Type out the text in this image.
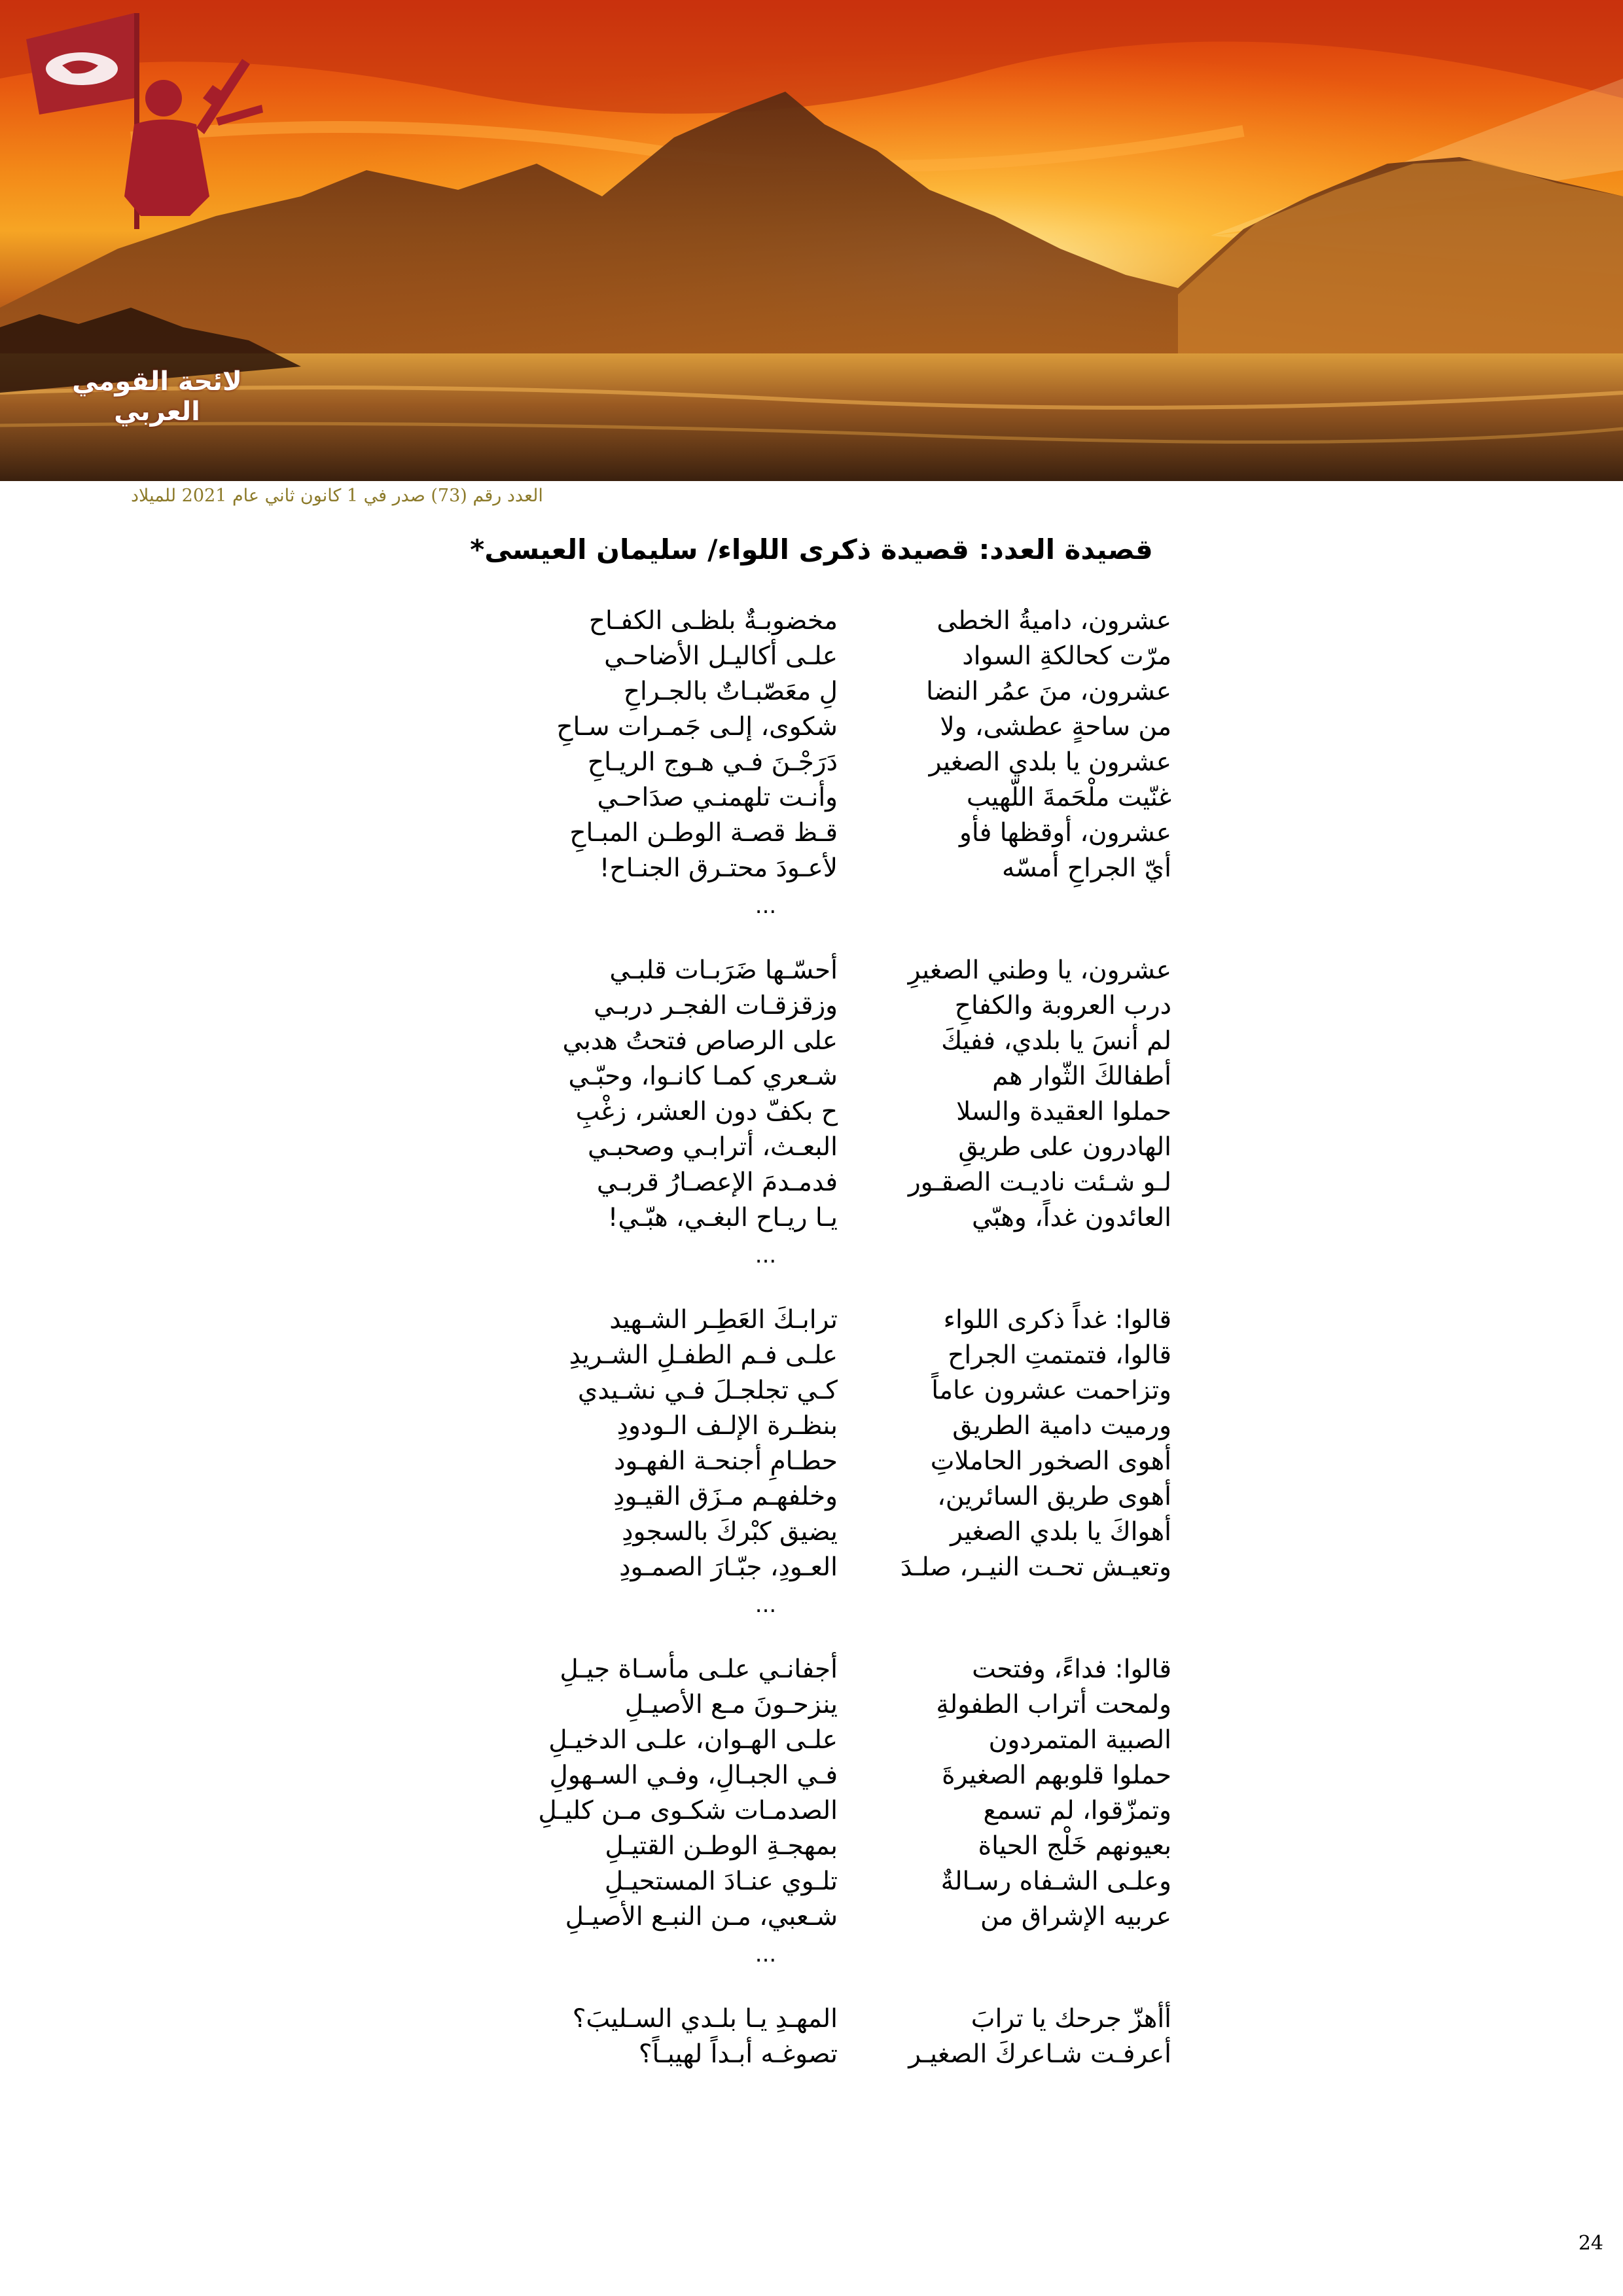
لائحة القومي العربي
العدد رقم (73) صدر في 1 كانون ثاني عام 2021 للميلاد
قصيدة العدد: قصيدة ذكرى اللواء/ سليمان العيسى*
عشرون، داميةُ الخطى
مخضوبـةٌ بلظـى الكفـاح
مرّت كحالكةِ السواد
علـى أكاليـل الأضاحـي
عشرون، منَ عمُر النضا
لِ معَصّبـاتٌ بالجـراحِ
من ساحةٍ عطشى، ولا
شكوى، إلـى جَمـرات سـاحِ
عشرون يا بلدي الصغير
دَرَجْـنَ فـي هـوج الريـاحِ
غنّيت ملْحَمةَ اللّهيب
وأنـت تلهمنـي صدَاحـي
عشرون، أوقظها فأو
قـظ قصـة الوطـن المبـاحِ
أيّ الجراحِ أمسّه
لأعـودَ محتـرق الجنـاح!
...
عشرون، يا وطني الصغيرِ
أحسّـها ضَرَبـات قلبـي
درب العروبة والكفاحِ
وزقزقـات الفجـر دربـي
لم أنسَ يا بلدي، ففيكَ
على الرصاص فتحتُ هدبي
أطفالكَ الثّوار هم
شـعري كمـا كانـوا، وحبّـي
حملوا العقيدة والسلا
ح بكفّ دون العشر، زغْبِ
الهادرون على طريقِ
البعـث، أترابـي وصحبـي
لـو شـئت ناديـت الصقـور
فدمـدمَ الإعصـارُ قربـي
العائدون غداً، وهبّي
يـا ريـاح البغـي، هبّـي!
...
قالوا: غداً ذكرى اللواء
ترابـكَ العَطِـر الشـهيد
قالوا، فتمتمتِ الجراح
علـى فـم الطفـلِ الشـريدِ
وتزاحمت عشرون عاماً
كـي تجلجـلَ فـي نشـيدي
ورميت دامية الطريق
بنظـرة الإلـف الـودودِ
أهوى الصخور الحاملاتِ
حطـامِ أجنحـة الفهـود
أهوى طريق السائرين،
وخلفهـم مـزَق القيـودِ
أهواكَ يا بلدي الصغير
يضيق كبْركَ بالسجودِ
وتعيـش تحـت النيـر، صلـدَ
العـودِ، جبّـارَ الصمـودِ
...
قالوا: فداءً، وفتحت
أجفانـي علـى مأسـاة جيـلِ
ولمحت أتراب الطفولةِ
ينزحـونَ مـع الأصيـلِ
الصبية المتمردون
علـى الهـوان، علـى الدخيـلِ
حملوا قلوبهم الصغيرةَ
فـي الجبـالِ، وفـي السـهولِ
وتمزّقوا، لم تسمع
الصدمـات شكـوى مـن كليـلِ
بعيونهم خَلْج الحياة
بمهجـةِ الوطـن القتيـلِ
وعلـى الشـفاه رسـالةٌ
تلـوي عنـادَ المستحيـلِ
عربيه الإشراق من
شـعبي، مـن النبـع الأصيـلِ
...
أأهزّ جرحك يا ترابَ
المهـدِ يـا بلـدي السـليبَ؟
أعرفـت شـاعركَ الصغيـر
تصوغـه أبـداً لهيبـاً؟
24
